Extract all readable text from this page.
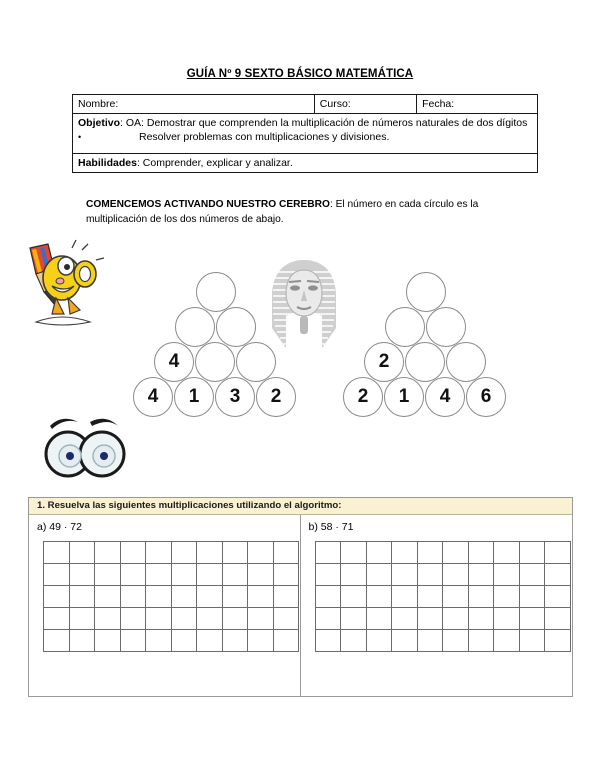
GUÍA Nº 9 SEXTO BÁSICO MATEMÁTICA
Nombre:	Curso:	Fecha:

Objetivo: OA: Demostrar que comprenden la multiplicación de números naturales de dos dígitos
•	Resolver problemas con multiplicaciones y divisiones.

Habilidades: Comprender, explicar y analizar.
COMENCEMOS ACTIVANDO NUESTRO CEREBRO: El número en cada círculo es la multiplicación de los dos números de abajo.
4	1	3	2
4
2	1	4	6
2
1. Resuelva las siguientes multiplicaciones utilizando el algoritmo:
a) 49 · 72

										b) 58 · 71
